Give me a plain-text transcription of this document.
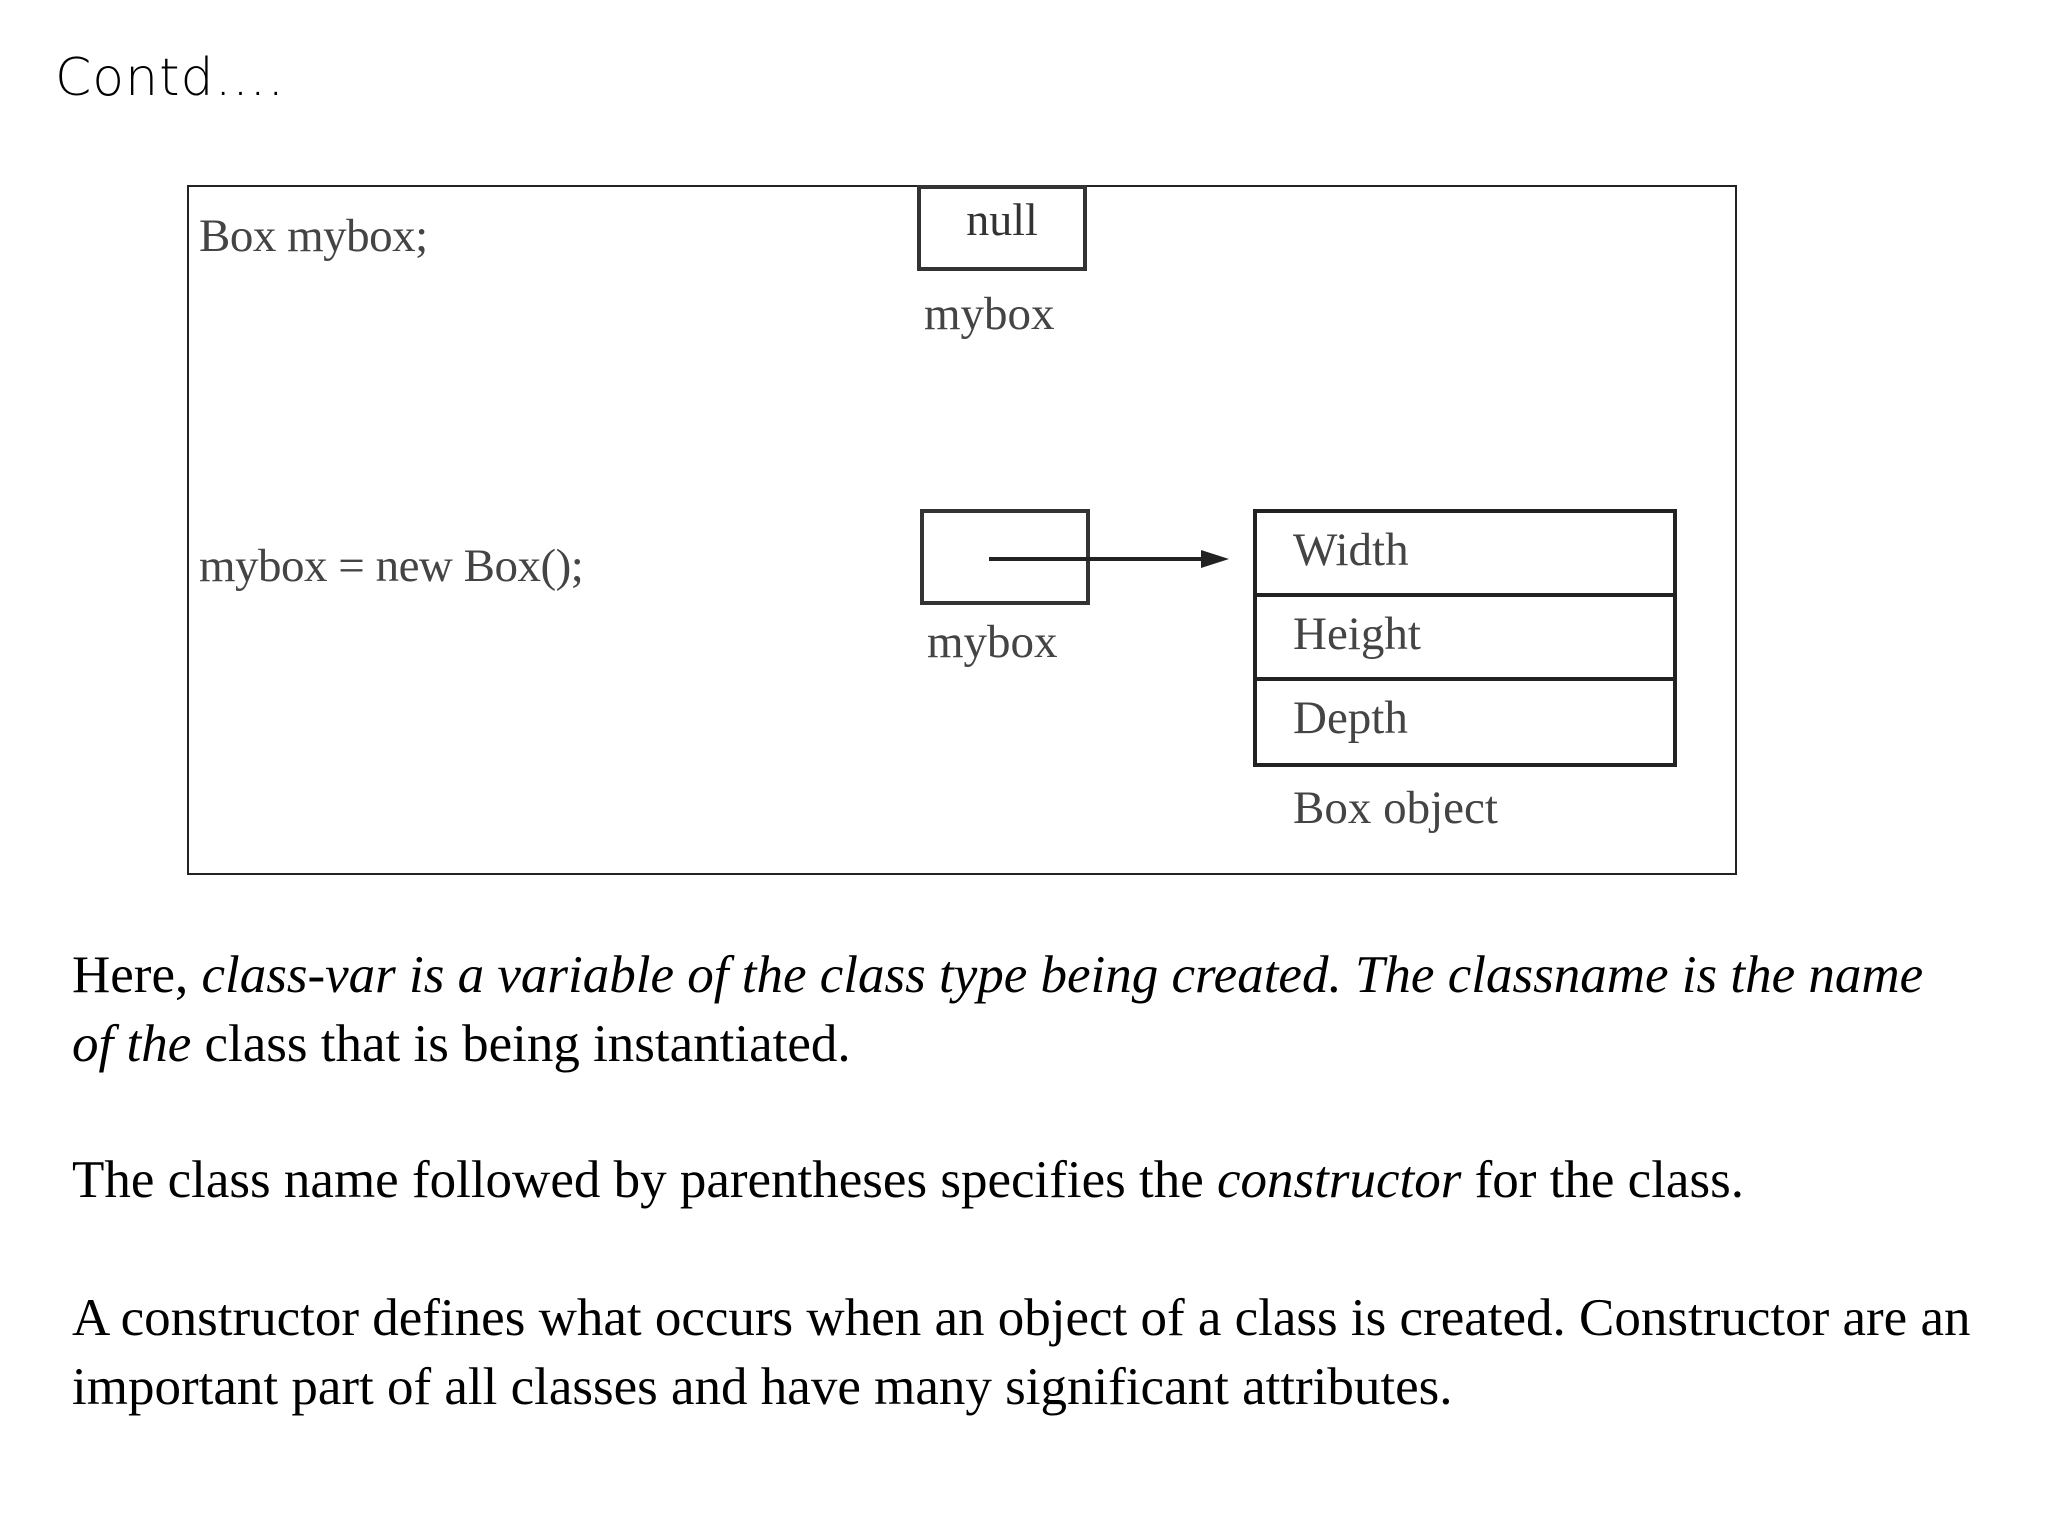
Contd….
Box mybox;	null
mybox
mybox = new Box();
mybox
Width
Height
Depth
Box object
Here, class-var is a variable of the class type being created. The classname is the name of the class that is being instantiated.
The class name followed by parentheses specifies the constructor for the class.
A constructor defines what occurs when an object of a class is created. Constructor are an important part of all classes and have many significant attributes.
